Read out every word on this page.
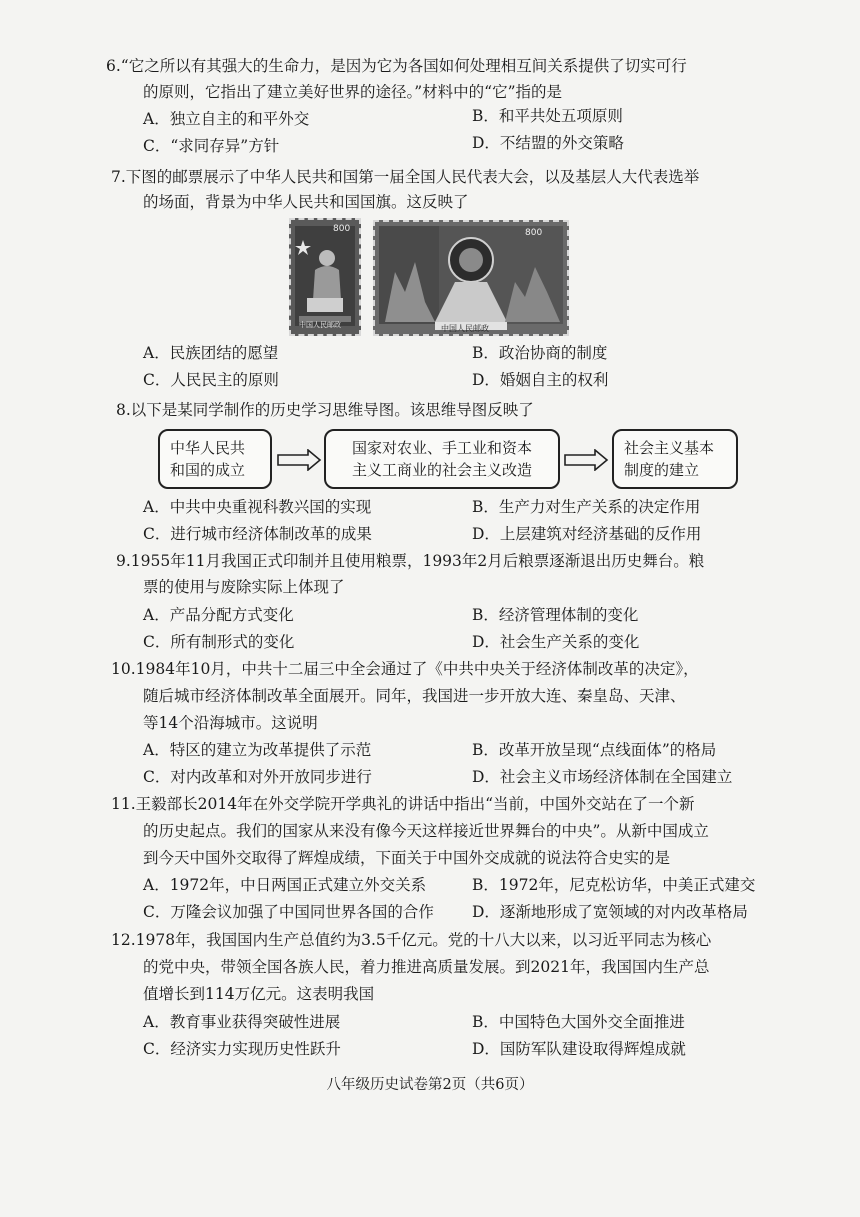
6.“它之所以有其强大的生命力，是因为它为各国如何处理相互间关系提供了切实可行
的原则，它指出了建立美好世界的途径。”材料中的“它”指的是
A．独立自主的和平外交	B．和平共处五项原则
C．“求同存异”方针	D．不结盟的外交策略
7.下图的邮票展示了中华人民共和国第一届全国人民代表大会，以及基层人大代表选举
的场面，背景为中华人民共和国国旗。这反映了
800
中国人民邮政
800
中国人民邮政
A．民族团结的愿望	B．政治协商的制度
C．人民民主的原则	D．婚姻自主的权利
8.以下是某同学制作的历史学习思维导图。该思维导图反映了
中华人民共
和国的成立
国家对农业、手工业和资本
主义工商业的社会主义改造
社会主义基本
制度的建立
A．中共中央重视科教兴国的实现	B．生产力对生产关系的决定作用
C．进行城市经济体制改革的成果	D．上层建筑对经济基础的反作用
9.1955年11月我国正式印制并且使用粮票，1993年2月后粮票逐渐退出历史舞台。粮
票的使用与废除实际上体现了
A．产品分配方式变化	B．经济管理体制的变化
C．所有制形式的变化	D．社会生产关系的变化
10.1984年10月，中共十二届三中全会通过了《中共中央关于经济体制改革的决定》，
随后城市经济体制改革全面展开。同年，我国进一步开放大连、秦皇岛、天津、
等14个沿海城市。这说明
A．特区的建立为改革提供了示范	B．改革开放呈现“点线面体”的格局
C．对内改革和对外开放同步进行	D．社会主义市场经济体制在全国建立
11.王毅部长2014年在外交学院开学典礼的讲话中指出“当前，中国外交站在了一个新
的历史起点。我们的国家从来没有像今天这样接近世界舞台的中央”。从新中国成立
到今天中国外交取得了辉煌成绩，下面关于中国外交成就的说法符合史实的是
A．1972年，中日两国正式建立外交关系	B．1972年，尼克松访华，中美正式建交
C．万隆会议加强了中国同世界各国的合作 D．逐渐地形成了宽领域的对内改革格局
12.1978年，我国国内生产总值约为3.5千亿元。党的十八大以来，以习近平同志为核心
的党中央，带领全国各族人民，着力推进高质量发展。到2021年，我国国内生产总
值增长到114万亿元。这表明我国
A．教育事业获得突破性进展	B．中国特色大国外交全面推进
C．经济实力实现历史性跃升	D．国防军队建设取得辉煌成就
八年级历史试卷第2页（共6页）
